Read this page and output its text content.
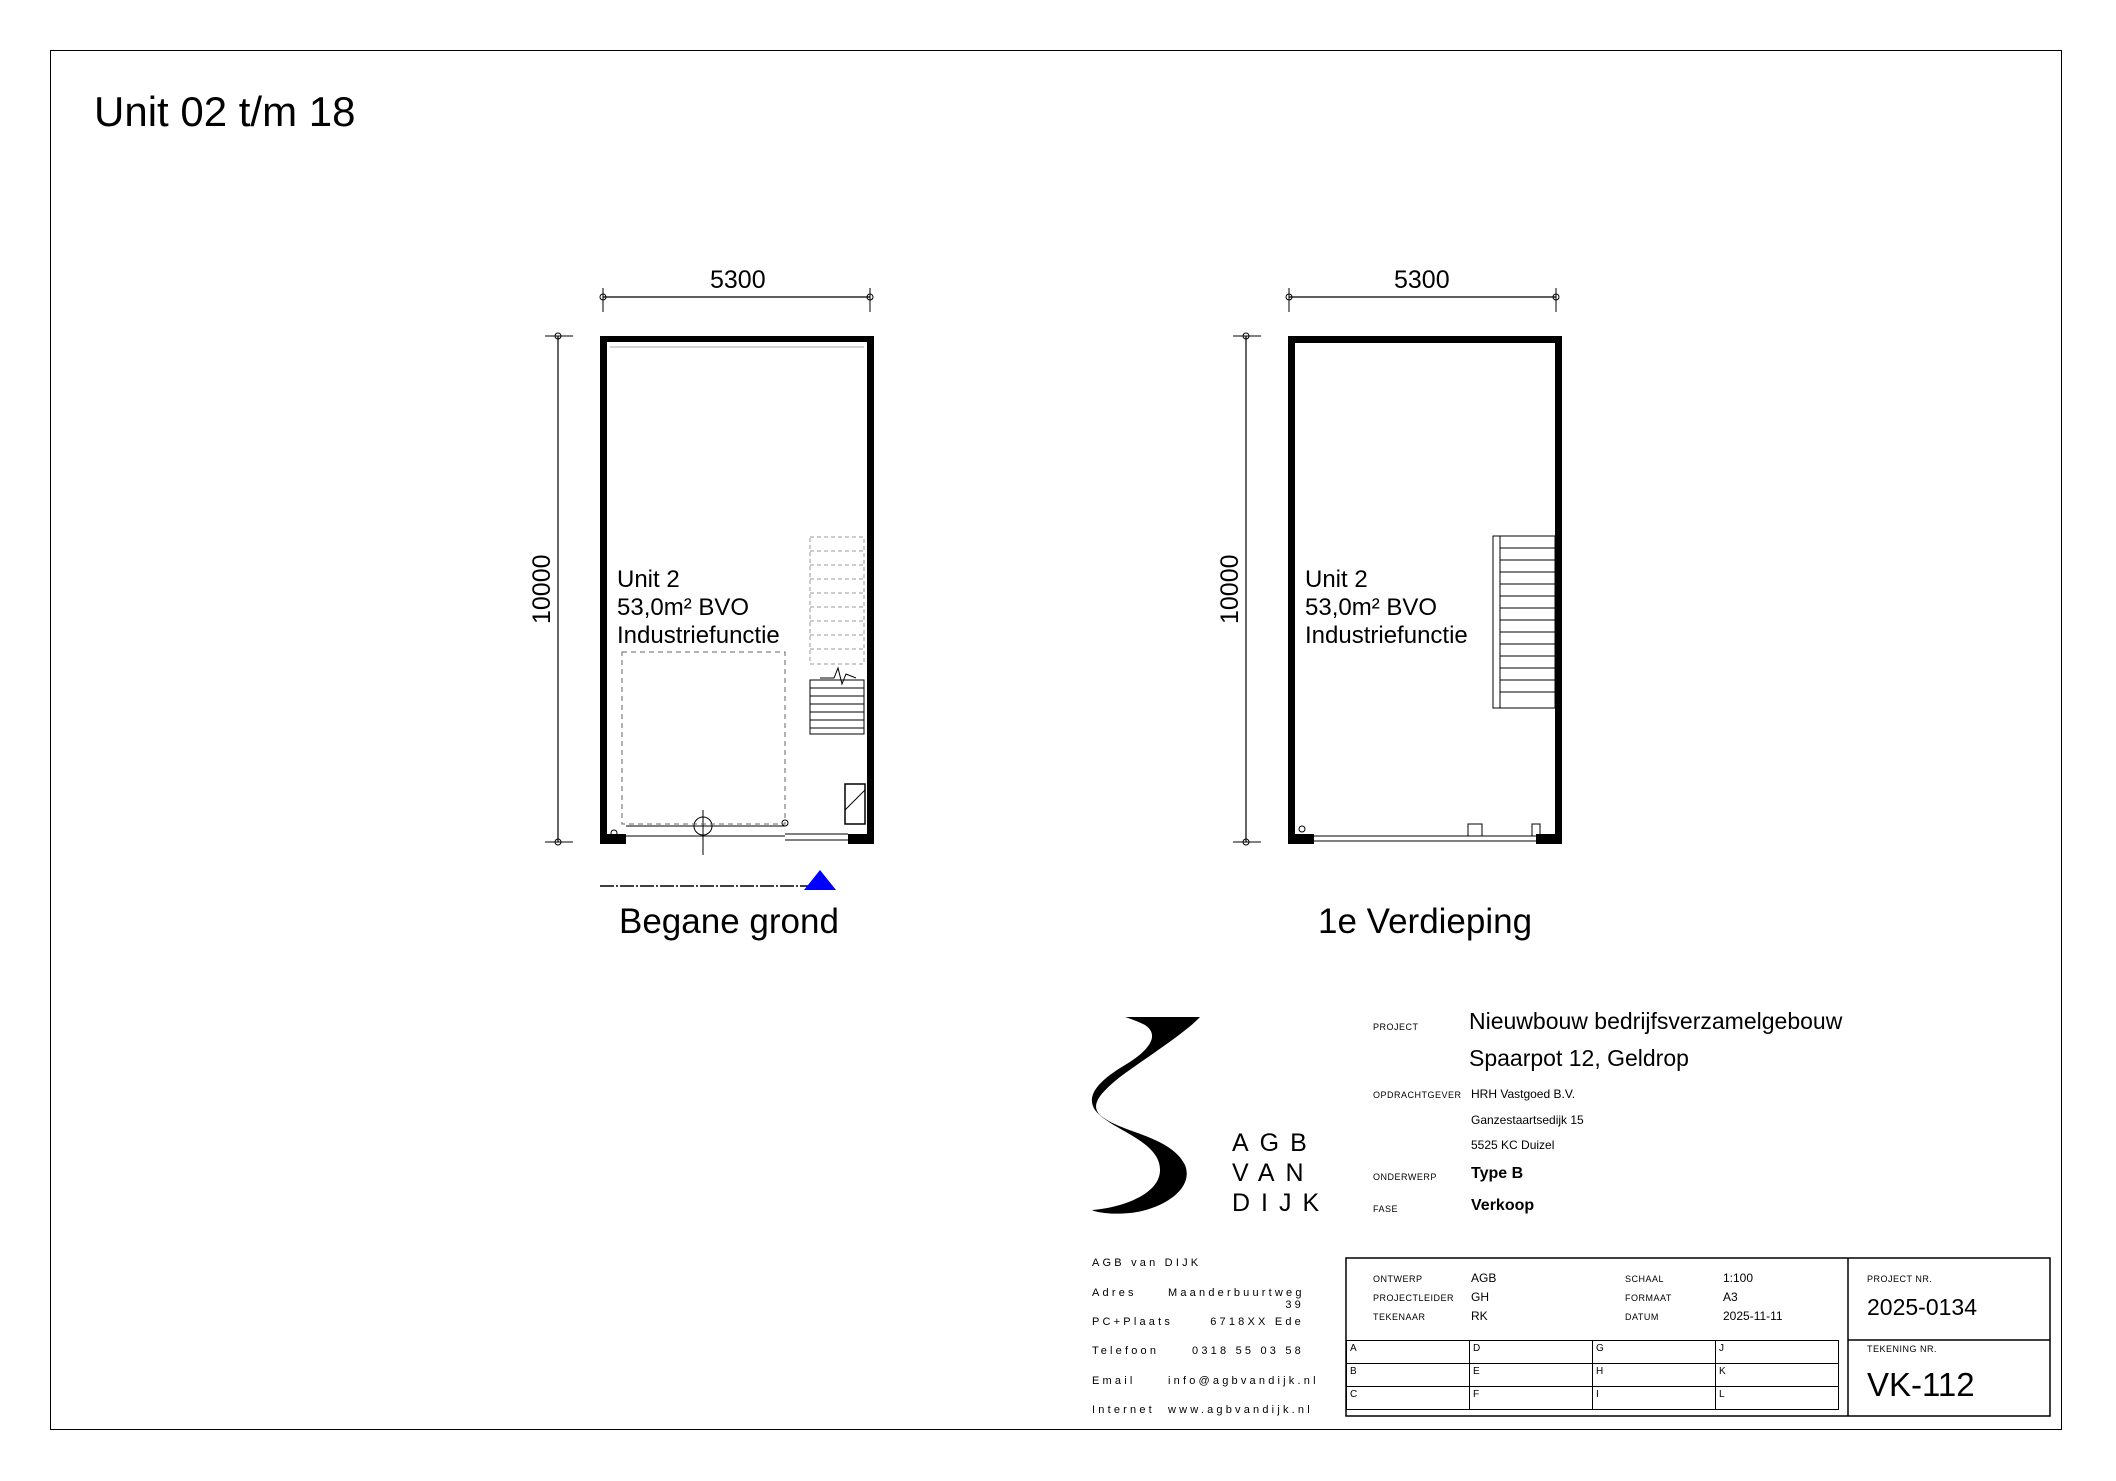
Unit 02 t/m 18
5300	5300
10000	10000
Unit 2
53,0m² BVO
Industriefunctie
Unit 2
53,0m² BVO
Industriefunctie
Begane grond	1e Verdieping
AGB
VAN
DIJK
PROJECT Nieuwbouw bedrijfsverzamelgebouw
Spaarpot 12, Geldrop
OPDRACHTGEVER HRH Vastgoed B.V.
Ganzestaartsedijk 15
5525 KC Duizel
ONDERWERP Type B
FASE	Verkoop
AGB van DIJK
Adres	Maanderbuurtweg 39
PC+Plaats	6718XX Ede
Telefoon	0318 55 03 58
Email	info@agbvandijk.nl
Internet www.agbvandijk.nl
ONTWERP	AGB
PROJECTLEIDER GH
TEKENAAR	RK
SCHAAL	1:100
FORMAAT	A3
DATUM	2025-11-11
PROJECT NR.
2025-0134
TEKENING NR.
VK-112
A	D	G	J
B	E	H	K
C	F	I	L
